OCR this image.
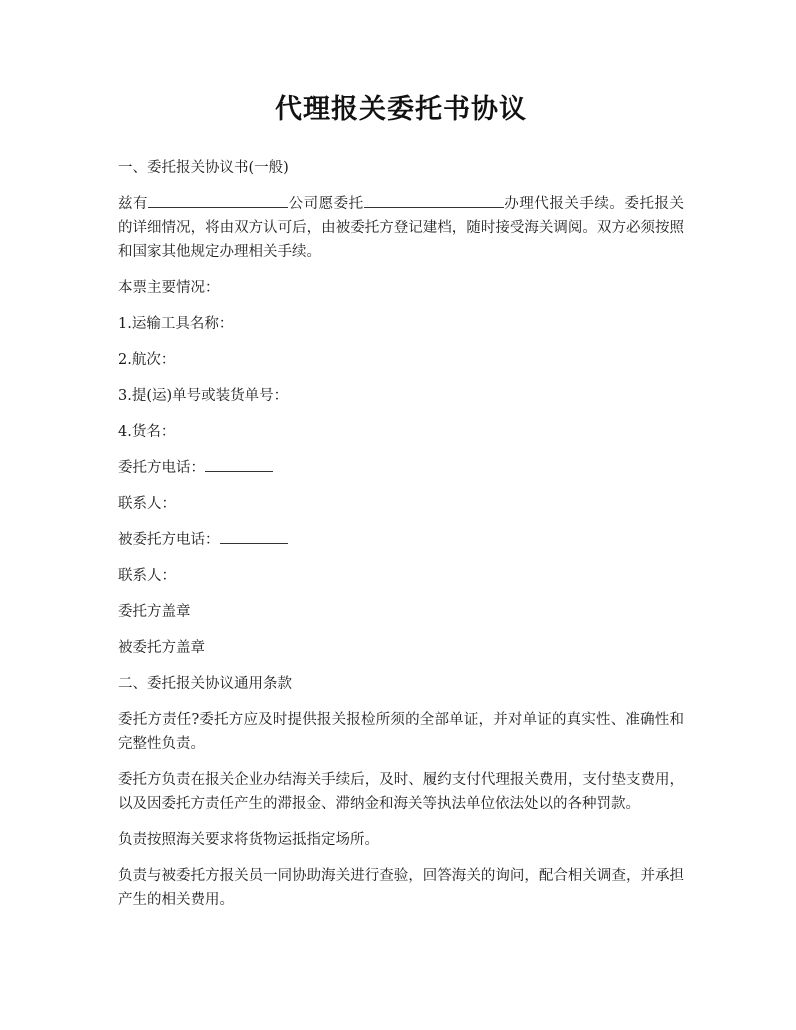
代理报关委托书协议

一、委托报关协议书(一般)

兹有	公司愿委托	办理代报关手续。委托报关的详细情况，将由双方认可后，由被委托方登记建档，随时接受海关调阅。双方必须按照和国家其他规定办理相关手续。

本票主要情况：

1.运输工具名称：

2.航次：

3.提(运)单号或装货单号：

4.货名：

委托方电话：

联系人：

被委托方电话：

联系人：

委托方盖章

被委托方盖章

二、委托报关协议通用条款

委托方责任?委托方应及时提供报关报检所须的全部单证，并对单证的真实性、准确性和完整性负责。

委托方负责在报关企业办结海关手续后，及时、履约支付代理报关费用，支付垫支费用，以及因委托方责任产生的滞报金、滞纳金和海关等执法单位依法处以的各种罚款。

负责按照海关要求将货物运抵指定场所。

负责与被委托方报关员一同协助海关进行查验，回答海关的询问，配合相关调查，并承担产生的相关费用。
